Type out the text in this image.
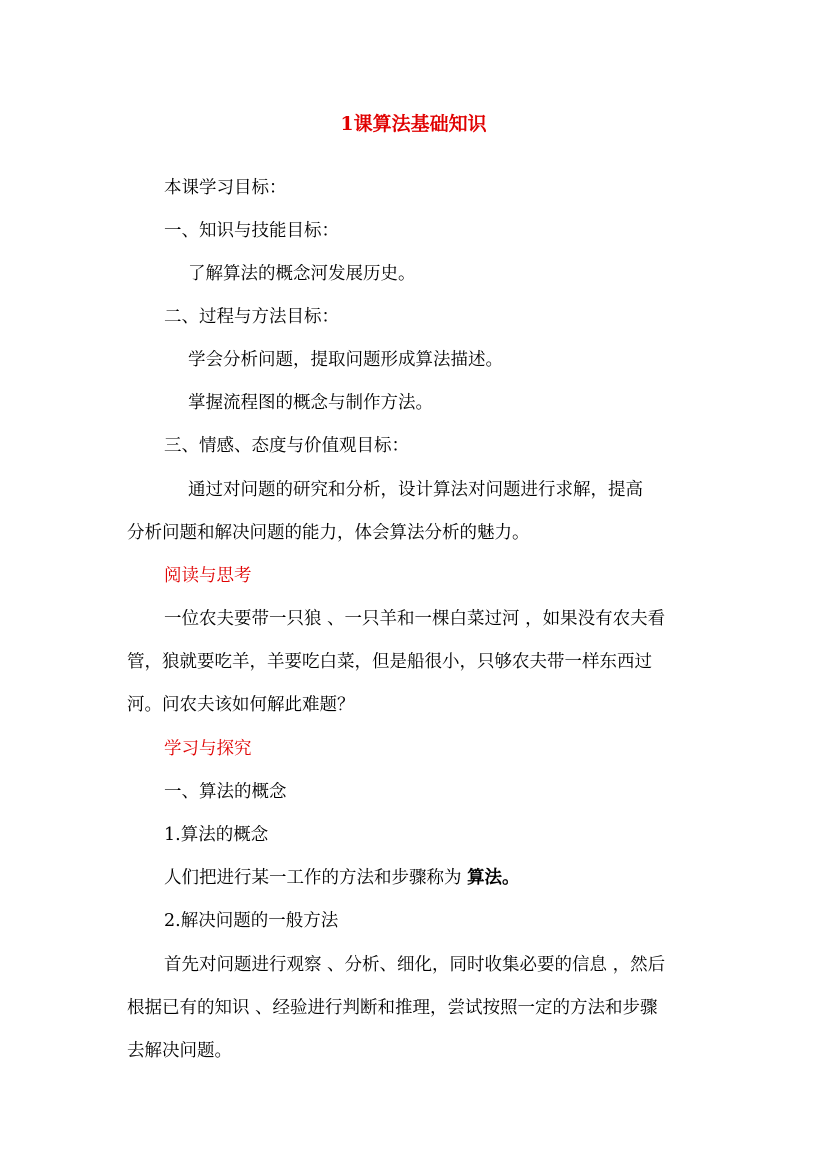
1课算法基础知识
本课学习目标：
一、知识与技能目标：
了解算法的概念河发展历史。
二、过程与方法目标：
学会分析问题，提取问题形成算法描述。
掌握流程图的概念与制作方法。
三、情感、态度与价值观目标：
通过对问题的研究和分析，设计算法对问题进行求解，提高
分析问题和解决问题的能力，体会算法分析的魅力。
阅读与思考
一位农夫要带一只狼 、一只羊和一棵白菜过河 ，如果没有农夫看
管，狼就要吃羊，羊要吃白菜，但是船很小，只够农夫带一样东西过
河。问农夫该如何解此难题？
学习与探究
一、算法的概念
1.算法的概念
人们把进行某一工作的方法和步骤称为 算法。
2.解决问题的一般方法
首先对问题进行观察 、分析、细化，同时收集必要的信息 ，然后
根据已有的知识 、经验进行判断和推理，尝试按照一定的方法和步骤
去解决问题。
